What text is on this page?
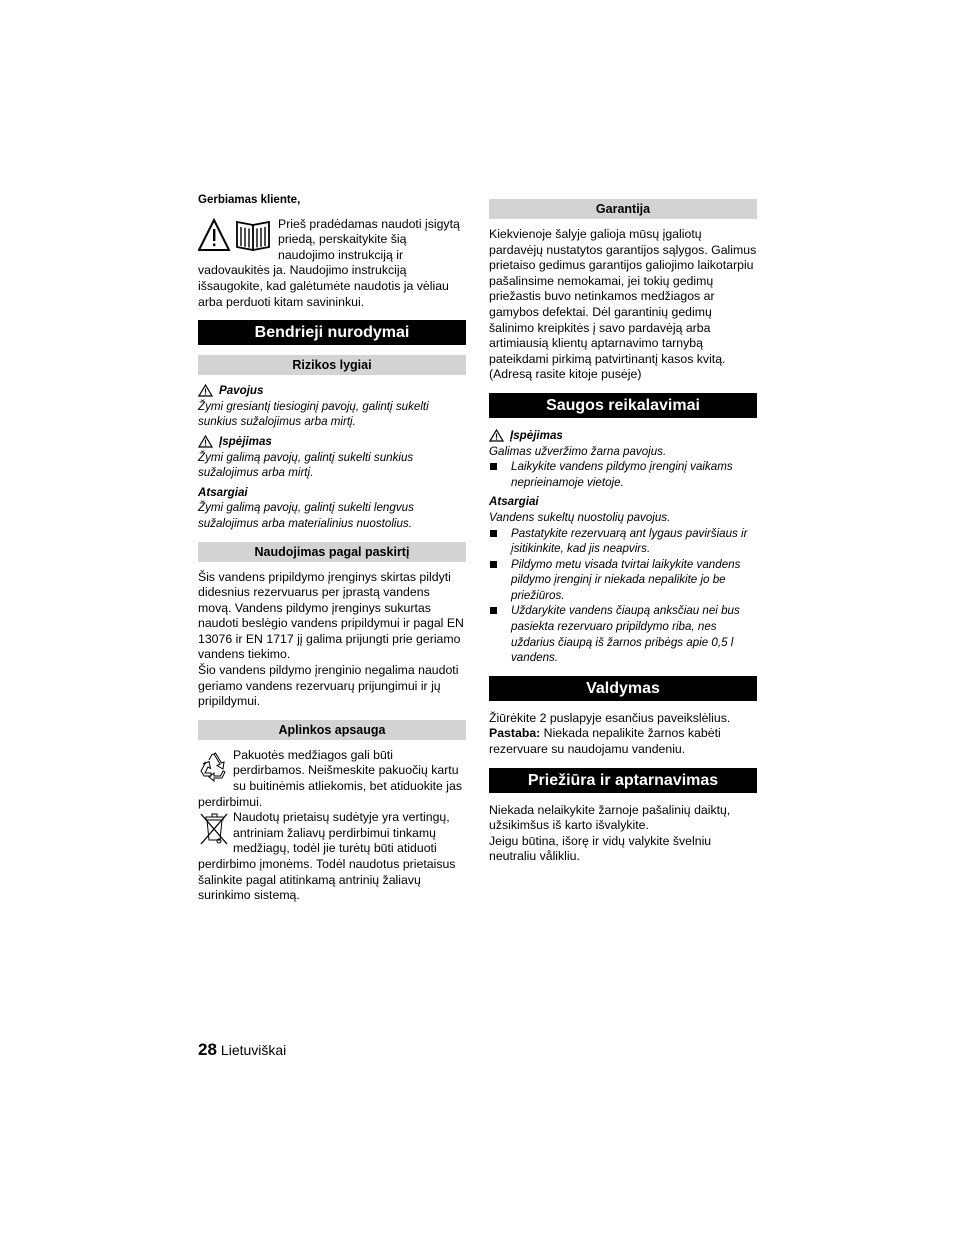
Gerbiamas kliente,

Prieš pradėdamas naudoti įsigytą priedą, perskaitykite šią naudojimo instrukciją ir vadovaukitės ja. Naudojimo instrukciją išsaugokite, kad galėtumėte naudotis ja vėliau arba perduoti kitam savininkui.

Bendrieji nurodymai
Rizikos lygiai
Pavojus

Žymi gresiantį tiesioginį pavojų, galintį sukelti sunkius sužalojimus arba mirtį.

Įspėjimas

Žymi galimą pavojų, galintį sukelti sunkius sužalojimus arba mirtį.

Atsargiai

Žymi galimą pavojų, galintį sukelti lengvus sužalojimus arba materialinius nuostolius.

Naudojimas pagal paskirtį

Šis vandens pripildymo įrenginys skirtas pildyti didesnius rezervuarus per įprastą vandens movą. Vandens pildymo įrenginys sukurtas naudoti beslėgio vandens pripildymui ir pagal EN 13076 ir EN 1717 jį galima prijungti prie geriamo vandens tiekimo.

Šio vandens pildymo įrenginio negalima naudoti geriamo vandens rezervuarų prijungimui ir jų pripildymui.

Aplinkos apsauga

Pakuotės medžiagos gali būti perdirbamos. Neišmeskite pakuočių kartu su buitinėmis atliekomis, bet atiduokite jas perdirbimui.

Naudotų prietaisų sudėtyje yra vertingų, antriniam žaliavų perdirbimui tinkamų medžiagų, todėl jie turėtų būti atiduoti perdirbimo įmonėms. Todėl naudotus prietaisus šalinkite pagal atitinkamą antrinių žaliavų surinkimo sistemą.

Garantija

Kiekvienoje šalyje galioja mūsų įgaliotų pardavėjų nustatytos garantijos sąlygos. Galimus prietaiso gedimus garantijos galiojimo laikotarpiu pašalinsime nemokamai, jei tokių gedimų priežastis buvo netinkamos medžiagos ar gamybos defektai. Dėl garantinių gedimų šalinimo kreipkitės į savo pardavėją arba artimiausią klientų aptarnavimo tarnybą pateikdami pirkimą patvirtinantį kasos kvitą. (Adresą rasite kitoje pusėje)

Saugos reikalavimai
Įspėjimas

Galimas užveržimo žarna pavojus.

Laikykite vandens pildymo įrenginį vaikams neprieinamoje vietoje.

Atsargiai

Vandens sukeltų nuostolių pavojus.

Pastatykite rezervuarą ant lygaus paviršiaus ir įsitikinkite, kad jis neapvirs.
Pildymo metu visada tvirtai laikykite vandens pildymo įrenginį ir niekada nepalikite jo be priežiūros.
Uždarykite vandens čiaupą anksčiau nei bus pasiekta rezervuaro pripildymo riba, nes uždarius čiaupą iš žarnos pribėgs apie 0,5 l vandens.
Valdymas

Žiūrėkite 2 puslapyje esančius paveikslėlius.

Pastaba: Niekada nepalikite žarnos kabėti rezervuare su naudojamu vandeniu.

Priežiūra ir aptarnavimas

Niekada nelaikykite žarnoje pašalinių daiktų, užsikimšus iš karto išvalykite.

Jeigu būtina, išorę ir vidų valykite švelniu neutraliu vålikliu.

28 Lietuviškai
